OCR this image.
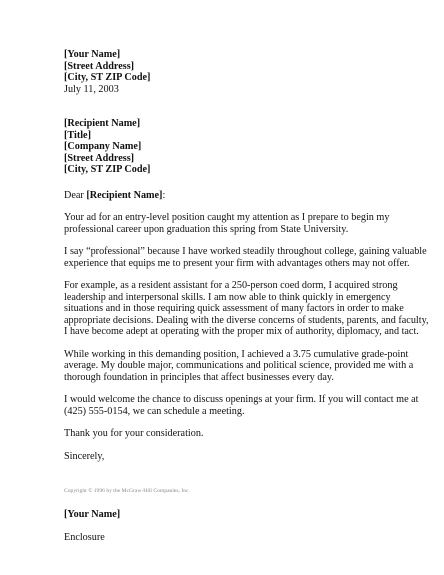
[Your Name]
[Street Address]
[City, ST ZIP Code]
July 11, 2003
[Recipient Name]
[Title]
[Company Name]
[Street Address]
[City, ST ZIP Code]
Dear [Recipient Name]:
Your ad for an entry-level position caught my attention as I prepare to begin my
professional career upon graduation this spring from State University.
I say “professional” because I have worked steadily throughout college, gaining valuable
experience that equips me to present your firm with advantages others may not offer.
For example, as a resident assistant for a 250-person coed dorm, I acquired strong
leadership and interpersonal skills. I am now able to think quickly in emergency
situations and in those requiring quick assessment of many factors in order to make
appropriate decisions. Dealing with the diverse concerns of students, parents, and faculty,
I have become adept at operating with the proper mix of authority, diplomacy, and tact.
While working in this demanding position, I achieved a 3.75 cumulative grade-point
average. My double major, communications and political science, provided me with a
thorough foundation in principles that affect businesses every day.
I would welcome the chance to discuss openings at your firm. If you will contact me at
(425) 555-0154, we can schedule a meeting.
Thank you for your consideration.
Sincerely,
[Your Name]
Enclosure
Copyright © 1996 by the McGraw-Hill Companies, Inc.
